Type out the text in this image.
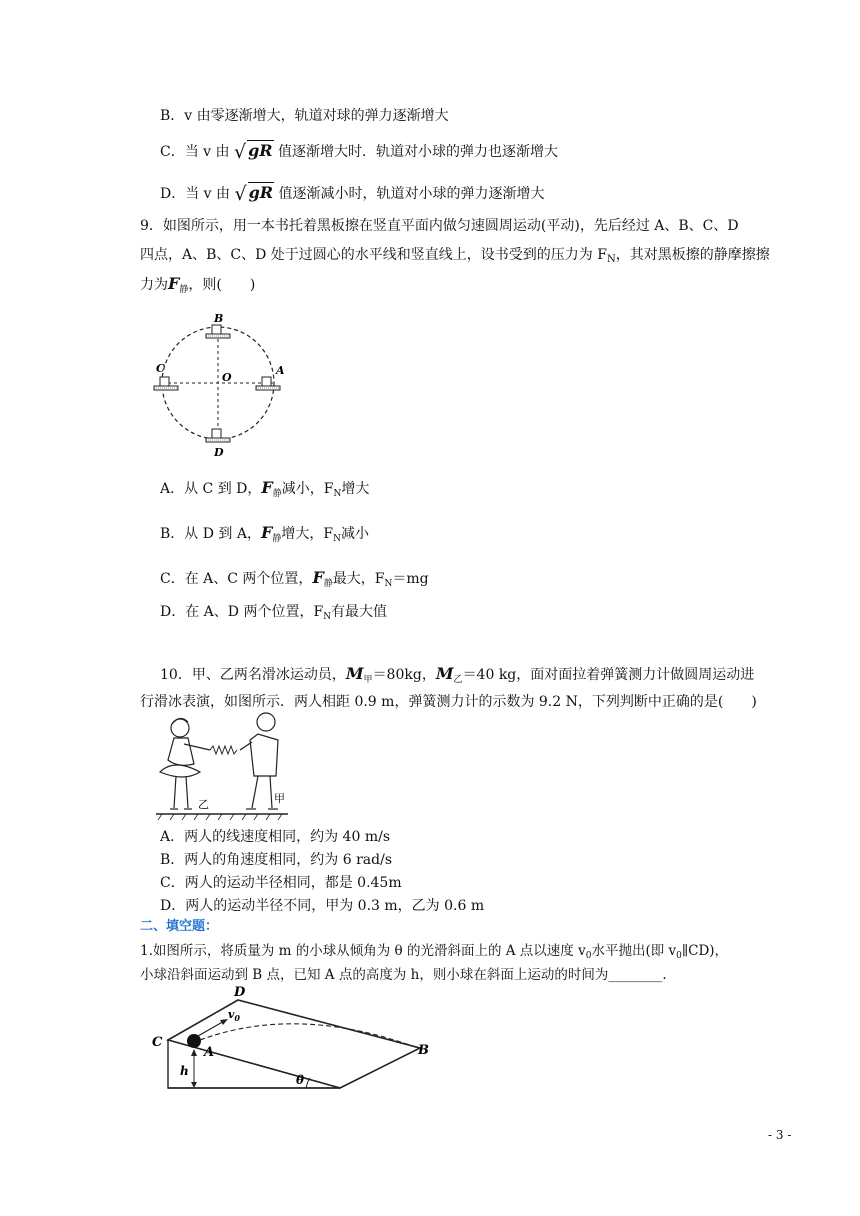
B．v 由零逐渐增大，轨道对球的弹力逐渐增大
C．当 v 由 √ gR 值逐渐增大时．轨道对小球的弹力也逐渐增大
D．当 v 由 √ gR 值逐渐减小时，轨道对小球的弹力逐渐增大
9．如图所示，用一本书托着黑板擦在竖直平面内做匀速圆周运动(平动)，先后经过 A、B、C、D
四点，A、B、C、D 处于过圆心的水平线和竖直线上，设书受到的压力为 $F_N$，其对黑板擦的静摩擦擦
力为$F_静$，则(　　)
B
D
C	A
O
A．从 C 到 D，$F_静$减小，$F_N$增大
B．从 D 到 A，$F_静$增大，$F_N$减小
C．在 A、C 两个位置，$F_静$最大，$F_N=mg$
D．在 A、D 两个位置，$F_N$有最大值
10．甲、乙两名滑冰运动员，$M_甲=80kg$，$M_乙=40$ kg，面对面拉着弹簧测力计做圆周运动进
行滑冰表演，如图所示．两人相距 0.9 m，弹簧测力计的示数为 9.2 N，下列判断中正确的是(　　)
乙	甲
A．两人的线速度相同，约为 40 m/s
B．两人的角速度相同，约为 6 rad/s
C．两人的运动半径相同，都是 0.45m
D．两人的运动半径不同，甲为 0.3 m，乙为 0.6 m
二、填空题：
1.如图所示，将质量为 m 的小球从倾角为 θ 的光滑斜面上的 A 点以速度 $v_0$水平抛出(即 $v_0\parallel CD$)，
小球沿斜面运动到 B 点，已知 A 点的高度为 h，则小球在斜面上运动的时间为________.
C
D
B
A
h
θ
$v_0$
- 3 -
